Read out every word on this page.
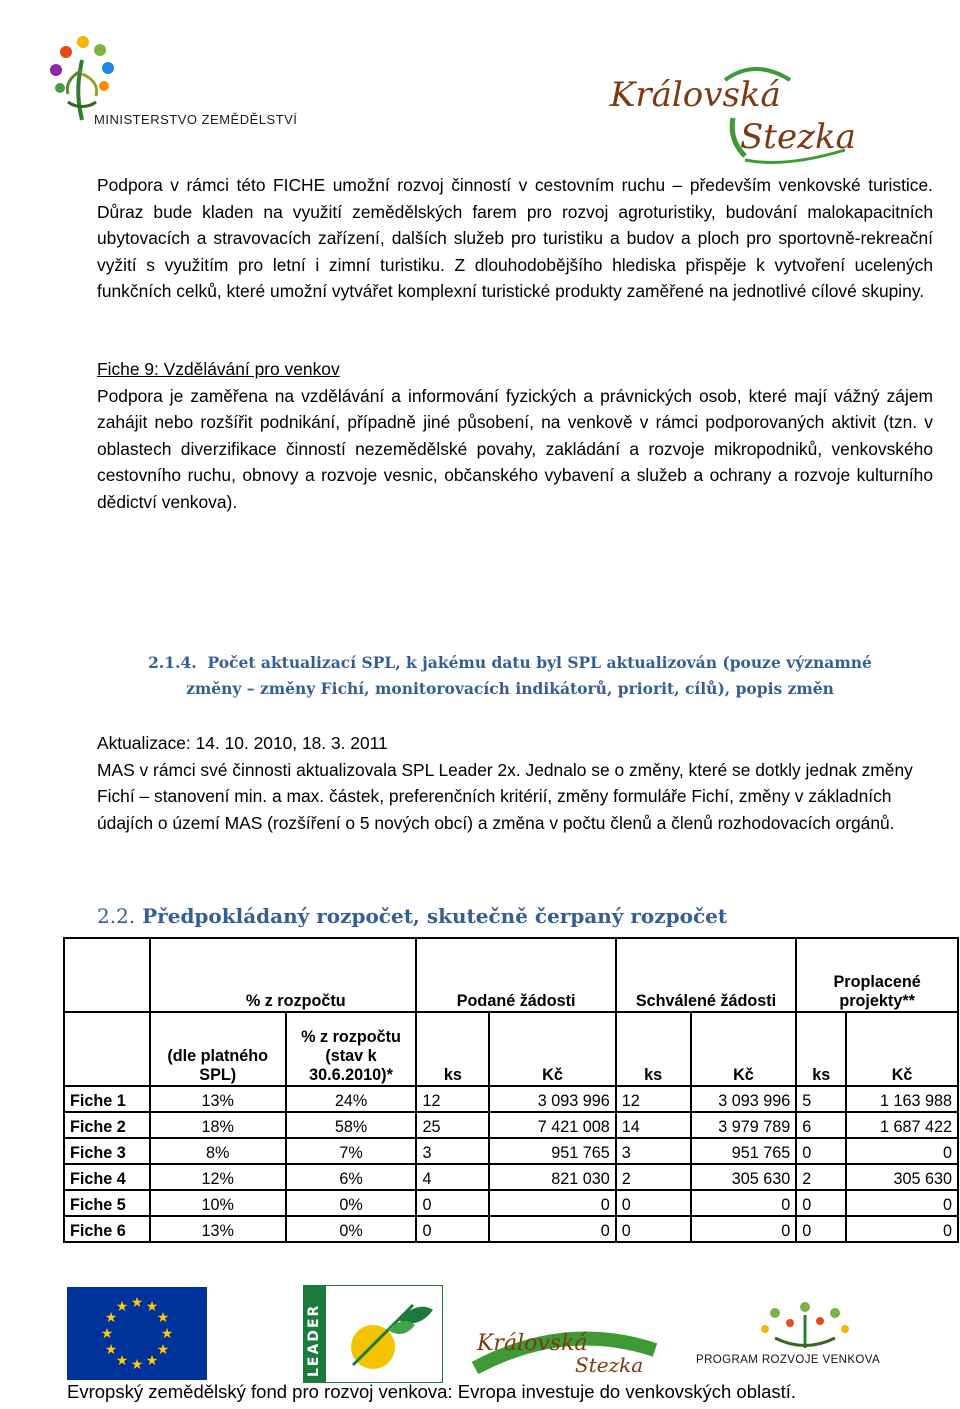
MINISTERSTVO ZEMĚDĚLSTVÍ
Královská
Stezka

Podpora v rámci této FICHE umožní rozvoj činností v cestovním ruchu – především venkovské turistice. Důraz bude kladen na využití zemědělských farem pro rozvoj agroturistiky, budování malokapacitních ubytovacích a stravovacích zařízení, dalších služeb pro turistiku a budov a ploch pro sportovně-rekreační vyžití s využitím pro letní i zimní turistiku. Z dlouhodobějšího hlediska přispěje k vytvoření ucelených funkčních celků, které umožní vytvářet komplexní turistické produkty zaměřené na jednotlivé cílové skupiny.

Fiche 9: Vzdělávání pro venkov
Podpora je zaměřena na vzdělávání a informování fyzických a právnických osob, které mají vážný zájem zahájit nebo rozšířit podnikání, případně jiné působení, na venkově v rámci podporovaných aktivit (tzn. v oblastech diverzifikace činností nezemědělské povahy, zakládání a rozvoje mikropodniků, venkovského cestovního ruchu, obnovy a rozvoje vesnic, občanského vybavení a služeb a ochrany a rozvoje kulturního dědictví venkova).
2.1.4. Počet aktualizací SPL, k jakému datu byl SPL aktualizován (pouze významné
změny – změny Fichí, monitorovacích indikátorů, priorit, cílů), popis změn
Aktualizace: 14. 10. 2010, 18. 3. 2011
MAS v rámci své činnosti aktualizovala SPL Leader 2x. Jednalo se o změny, které se dotkly jednak změny Fichí – stanovení min. a max. částek, preferenčních kritérií, změny formuláře Fichí, změny v základních údajích o území MAS (rozšíření o 5 nových obcí) a změna v počtu členů a členů rozhodovacích orgánů.
2.2. Předpokládaný rozpočet, skutečně čerpaný rozpočet
	% z rozpočtu		Podané žádosti		Schválené žádosti		Proplacené projekty**	
	(dle platného SPL)	% z rozpočtu (stav k 30.6.2010)*	ks	Kč	ks	Kč	ks	Kč
Fiche 1	13%	24%	12	3 093 996	12	3 093 996	5	1 163 988
Fiche 2	18%	58%	25	7 421 008	14	3 979 789	6	1 687 422
Fiche 3	8%	7%	3	951 765	3	951 765	0	0
Fiche 4	12%	6%	4	821 030	2	305 630	2	305 630
Fiche 5	10%	0%	0	0	0	0	0	0
Fiche 6	13%	0%	0	0	0	0	0	0
★ ★
★
★
★
★
★
★
★
★
★
★	LEADER	Královská
Stezka	PROGRAM ROZVOJE VENKOVA
Evropský zemědělský fond pro rozvoj venkova: Evropa investuje do venkovských oblastí.
